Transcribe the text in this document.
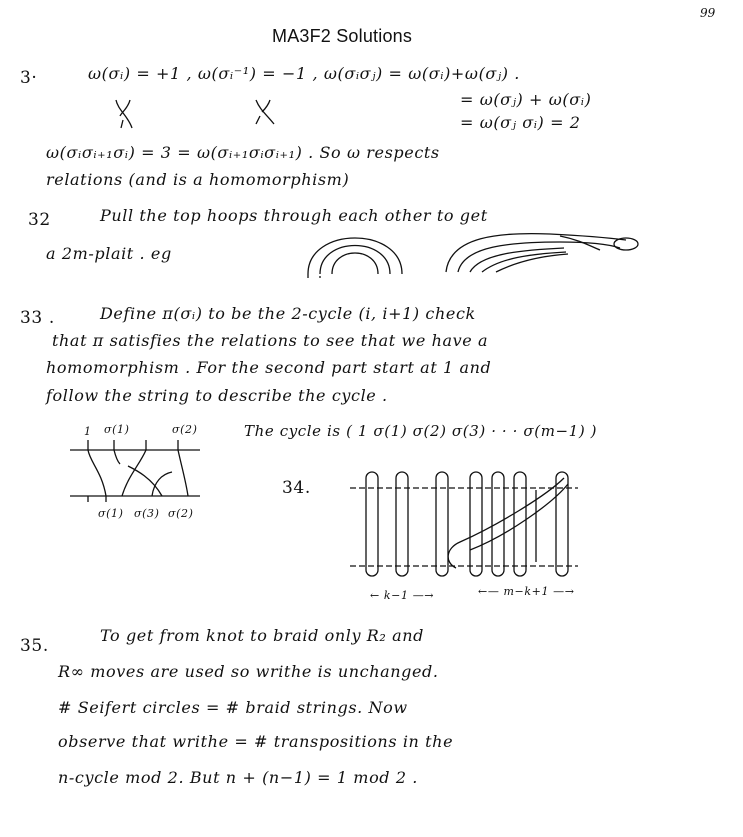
99
MA3F2 Solutions
3·	ω(σᵢ) = +1 , ω(σᵢ⁻¹) = −1 , ω(σᵢσⱼ) = ω(σᵢ)+ω(σⱼ) .
= ω(σⱼ) + ω(σᵢ)
= ω(σⱼ σᵢ) = 2
ω(σᵢσᵢ₊₁σᵢ) = 3 = ω(σᵢ₊₁σᵢσᵢ₊₁) . So ω respects
relations (and is a homomorphism)
32	Pull the top hoops through each other to get
a 2m-plait . eg
33 .	Define π(σᵢ) to be the 2-cycle (i, i+1) check
that π satisfies the relations to see that we have a
homomorphism . For the second part start at 1 and
follow the string to describe the cycle .
1 σ(1)	σ(2)
σ(1) σ(3) σ(2)
The cycle is ( 1 σ(1) σ(2) σ(3) · · · σ(m−1) )
34.
← k−1 —→	←— m−k+1 —→
35.
To get from knot to braid only R₂ and
R∞ moves are used so writhe is unchanged.
# Seifert circles = # braid strings. Now
observe that writhe = # transpositions in the
n-cycle mod 2. But n + (n−1) = 1 mod 2 .
